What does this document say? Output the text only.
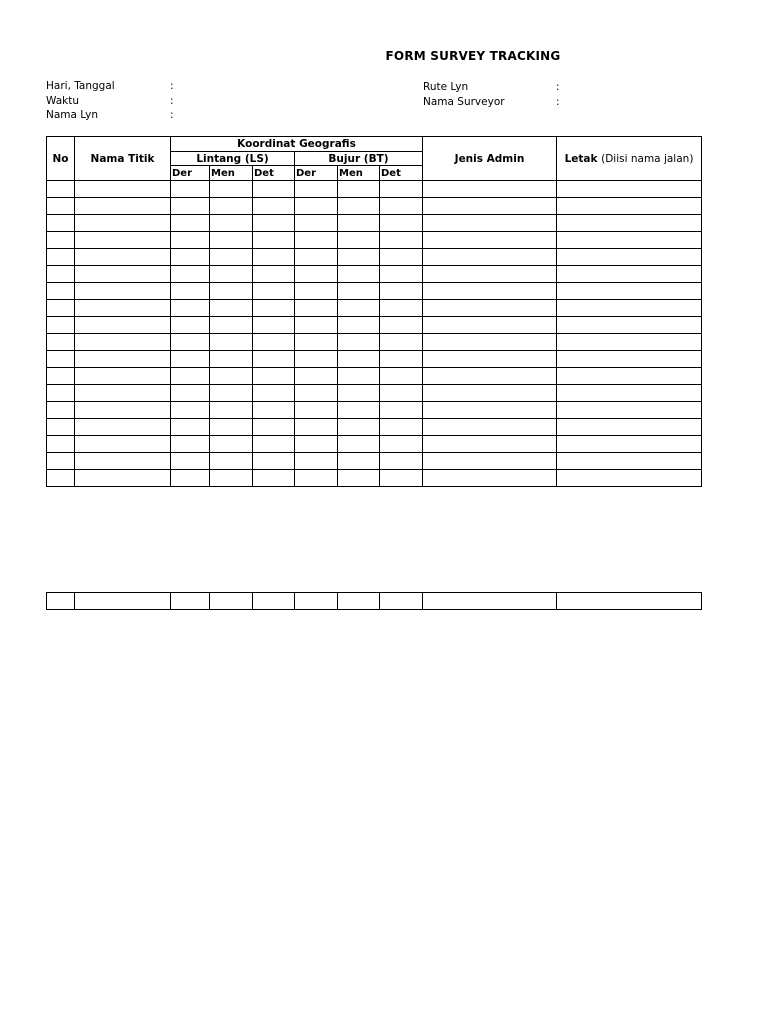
FORM SURVEY TRACKING
Hari, Tanggal	:
Waktu	:
Nama Lyn	:
Rute Lyn	:
Nama Surveyor	:
No	Nama Titik	Koordinat Geografis						Jenis Admin	Letak (Diisi nama jalan)
		Lintang (LS)			Bujur (BT)				
		Der	Men	Det	Der	Men	Det		
